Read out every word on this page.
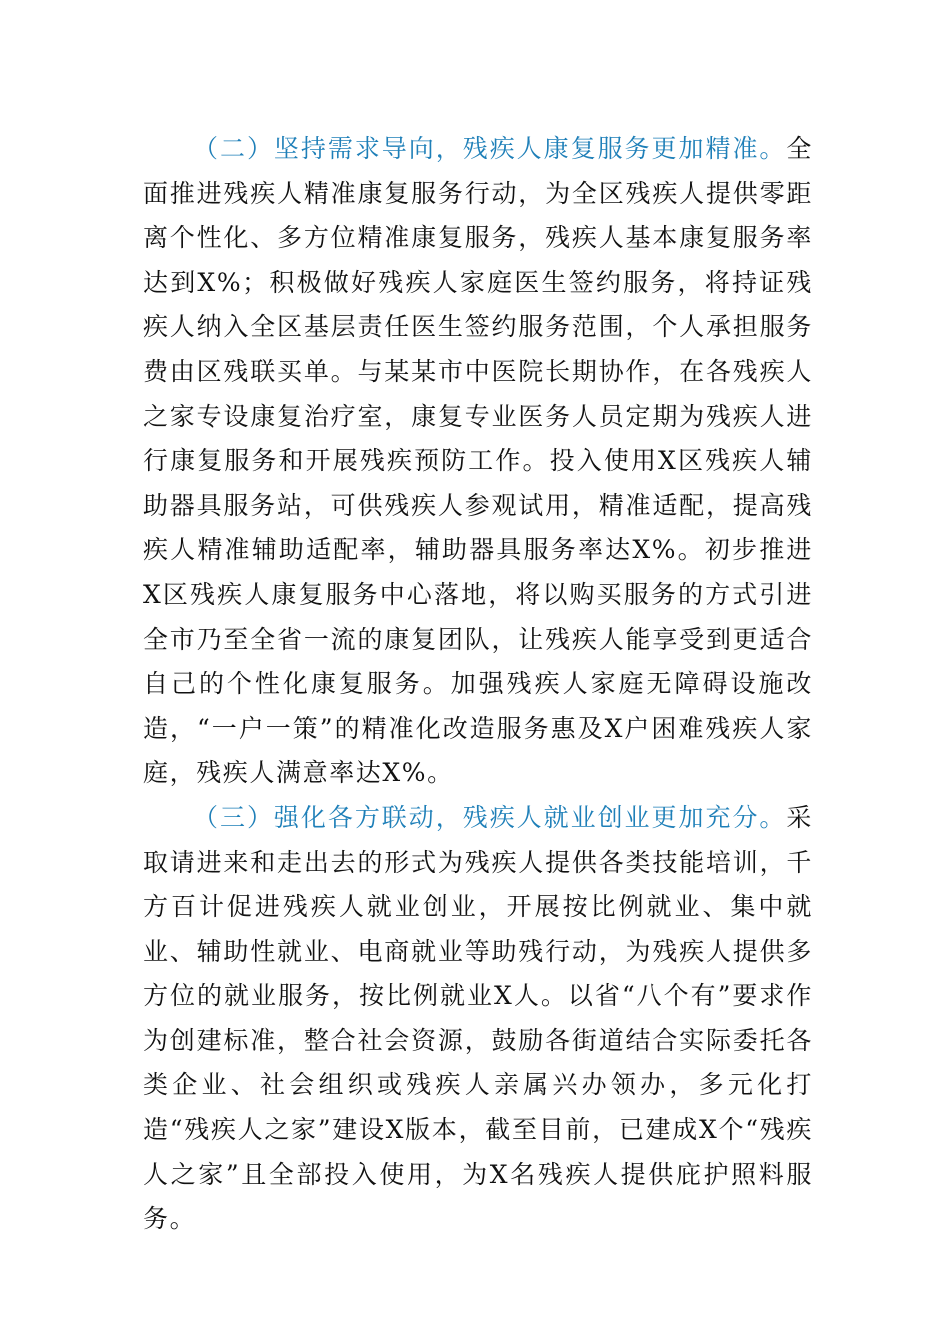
（二）坚持需求导向，残疾人康复服务更加精准。全面推进残疾人精准康复服务行动，为全区残疾人提供零距离个性化、多方位精准康复服务，残疾人基本康复服务率达到X%；积极做好残疾人家庭医生签约服务，将持证残疾人纳入全区基层责任医生签约服务范围，个人承担服务费由区残联买单。与某某市中医院长期协作，在各残疾人之家专设康复治疗室，康复专业医务人员定期为残疾人进行康复服务和开展残疾预防工作。投入使用X区残疾人辅助器具服务站，可供残疾人参观试用，精准适配，提高残疾人精准辅助适配率，辅助器具服务率达X%。初步推进X区残疾人康复服务中心落地，将以购买服务的方式引进全市乃至全省一流的康复团队，让残疾人能享受到更适合自己的个性化康复服务。加强残疾人家庭无障碍设施改造，“一户一策”的精准化改造服务惠及X户困难残疾人家庭，残疾人满意率达X%。

（三）强化各方联动，残疾人就业创业更加充分。采取请进来和走出去的形式为残疾人提供各类技能培训，千方百计促进残疾人就业创业，开展按比例就业、集中就业、辅助性就业、电商就业等助残行动，为残疾人提供多方位的就业服务，按比例就业X人。以省“八个有”要求作为创建标准，整合社会资源，鼓励各街道结合实际委托各类企业、社会组织或残疾人亲属兴办领办，多元化打造“残疾人之家”建设X版本，截至目前，已建成X个“残疾人之家”且全部投入使用，为X名残疾人提供庇护照料服务。
